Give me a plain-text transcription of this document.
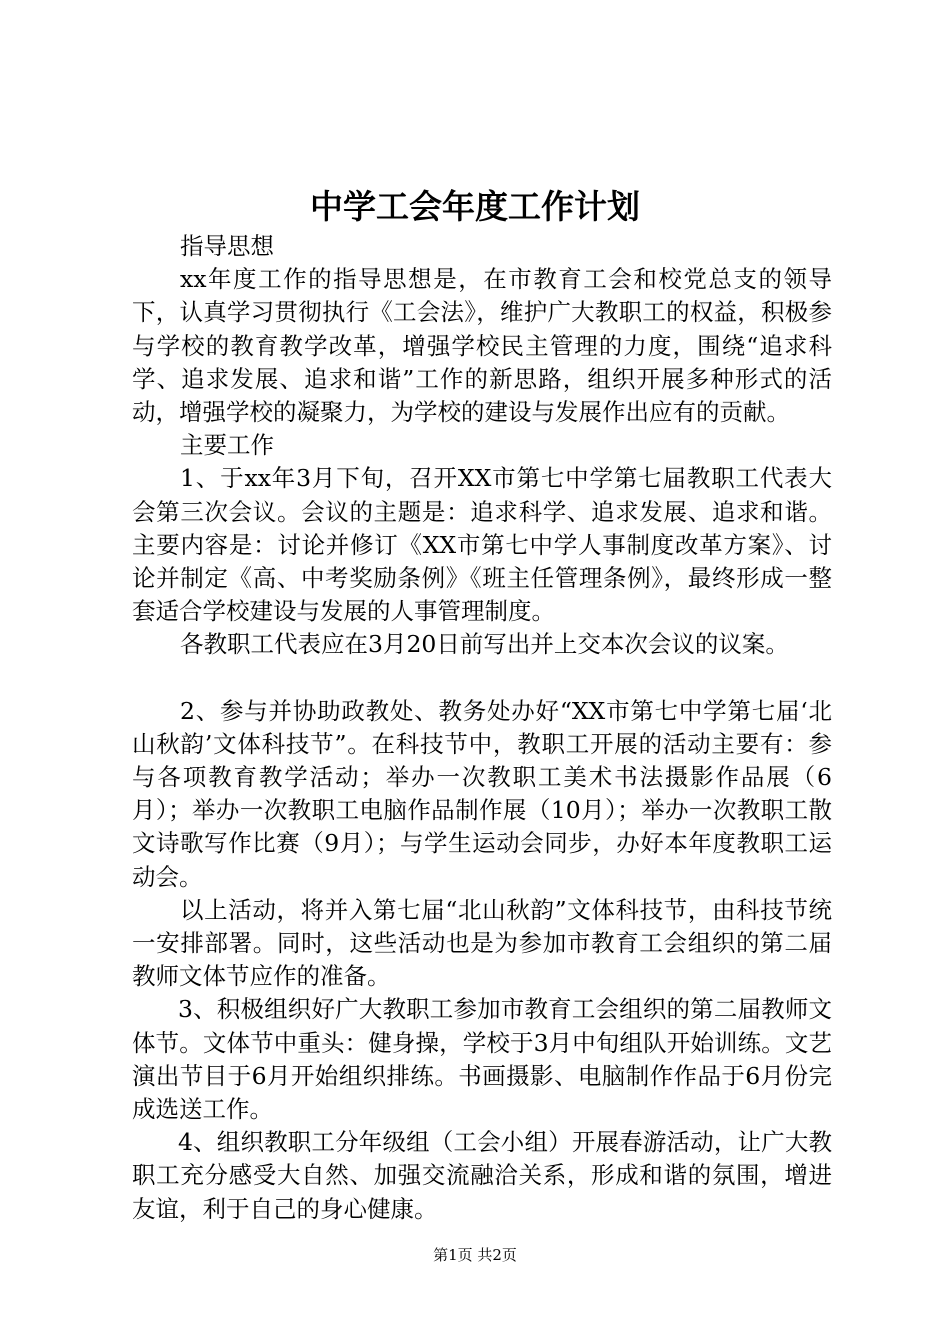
中学工会年度工作计划

指导思想

xx年度工作的指导思想是，在市教育工会和校党总支的领导下，认真学习贯彻执行《工会法》，维护广大教职工的权益，积极参与学校的教育教学改革，增强学校民主管理的力度，围绕“追求科学、追求发展、追求和谐”工作的新思路，组织开展多种形式的活动，增强学校的凝聚力，为学校的建设与发展作出应有的贡献。

主要工作

1、于xx年3月下旬，召开XX市第七中学第七届教职工代表大会第三次会议。会议的主题是：追求科学、追求发展、追求和谐。主要内容是：讨论并修订《XX市第七中学人事制度改革方案》、讨论并制定《高、中考奖励条例》《班主任管理条例》，最终形成一整套适合学校建设与发展的人事管理制度。

各教职工代表应在3月20日前写出并上交本次会议的议案。

2、参与并协助政教处、教务处办好“XX市第七中学第七届‘北山秋韵’文体科技节”。在科技节中，教职工开展的活动主要有：参与各项教育教学活动；举办一次教职工美术书法摄影作品展（6月）；举办一次教职工电脑作品制作展（10月）；举办一次教职工散文诗歌写作比赛（9月）；与学生运动会同步，办好本年度教职工运动会。

以上活动，将并入第七届“北山秋韵”文体科技节，由科技节统一安排部署。同时，这些活动也是为参加市教育工会组织的第二届教师文体节应作的准备。

3、积极组织好广大教职工参加市教育工会组织的第二届教师文体节。文体节中重头：健身操，学校于3月中旬组队开始训练。文艺演出节目于6月开始组织排练。书画摄影、电脑制作作品于6月份完成选送工作。

4、组织教职工分年级组（工会小组）开展春游活动，让广大教职工充分感受大自然、加强交流融洽关系，形成和谐的氛围，增进友谊，利于自己的身心健康。

第1页 共2页
